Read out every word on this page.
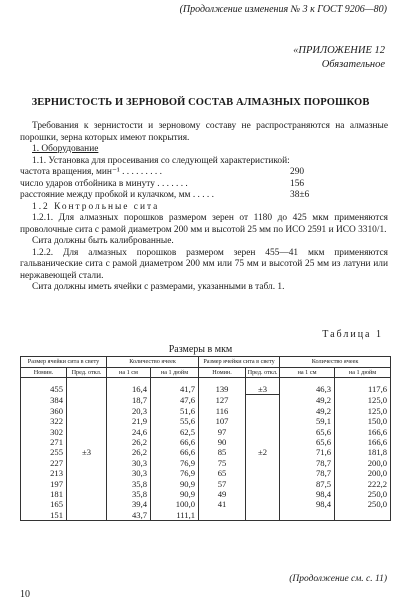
(Продолжение изменения № 3 к ГОСТ 9206—80)
«ПРИЛОЖЕНИЕ 12
Обязательное
ЗЕРНИСТОСТЬ И ЗЕРНОВОЙ СОСТАВ АЛМАЗНЫХ ПОРОШКОВ

Требования к зернистости и зерновому составу не распространяются на алмазные порошки, зерна которых имеют покрытия.

1. Оборудование

1.1. Установка для просеивания со следующей характеристикой:

частота вращения, мин⁻¹ . . . . . . . . .	290
число ударов отбойника в минуту . . . . . . .	156
расстояние между пробкой и кулачком, мм . . . . .	38±6

1.2 Контрольные сита

1.2.1. Для алмазных порошков размером зерен от 1180 до 425 мкм применяются проволочные сита с рамой диаметром 200 мм и высотой 25 мм по ИСО 2591 и ИСО 3310/1.

Сита должны быть калиброванные.

1.2.2. Для алмазных порошков размером зерен 455—41 мкм применяются гальванические сита с рамой диаметром 200 мм или 75 мм и высотой 25 мм из латуни или нержавеющей стали.

Сита должны иметь ячейки с размерами, указанными в табл. 1.

Таблица 1
Размеры в мкм
Размер ячейки сита в свету		Количество ячеек		Размер ячейки сита в свету		Количество ячеек	
Номин.	Пред. откл.	на 1 см	на 1 дюйм	Номин.	Пред. откл.	на 1 см	на 1 дюйм
455		16,4	41,7	139	±3	46,3	117,6
384		18,7	47,6	127		49,2	125,0
360		20,3	51,6	116		49,2	125,0
322		21,9	55,6	107		59,1	150,0
302		24,6	62,5	97		65,6	166,6
271		26,2	66,6	90		65,6	166,6
255	±3	26,2	66,6	85	±2	71,6	181,8
227		30,3	76,9	75		78,7	200,0
213		30,3	76,9	65		78,7	200,0
197		35,8	90,9	57		87,5	222,2
181		35,8	90,9	49		98,4	250,0
165		39,4	100,0	41		98,4	250,0
151		43,7	111,1				
(Продолжение см. с. 11)
10
